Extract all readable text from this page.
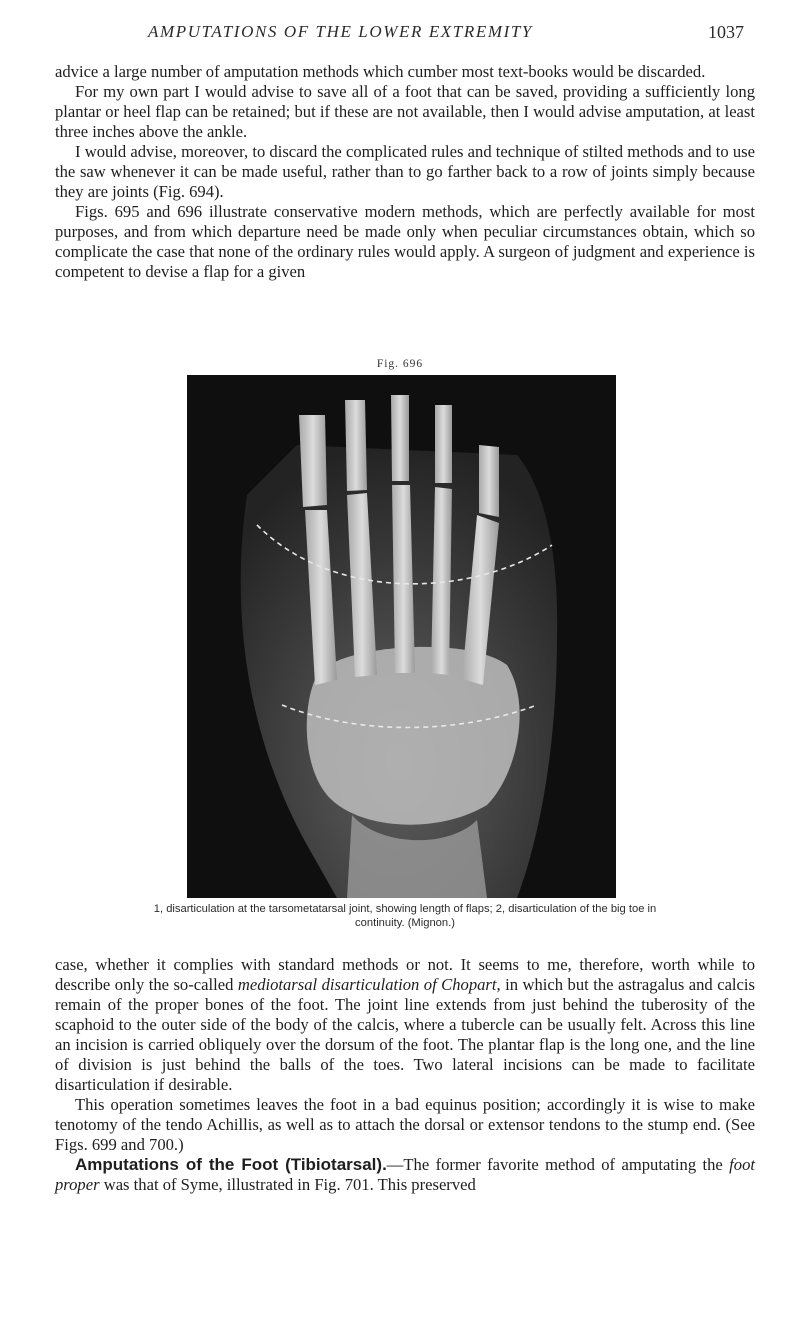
AMPUTATIONS OF THE LOWER EXTREMITY	1037

advice a large number of amputation methods which cumber most text-books would be discarded.

For my own part I would advise to save all of a foot that can be saved, providing a sufficiently long plantar or heel flap can be retained; but if these are not available, then I would advise amputation, at least three inches above the ankle.

I would advise, moreover, to discard the complicated rules and technique of stilted methods and to use the saw whenever it can be made useful, rather than to go farther back to a row of joints simply because they are joints (Fig. 694).

Figs. 695 and 696 illustrate conservative modern methods, which are perfectly available for most purposes, and from which departure need be made only when peculiar circumstances obtain, which so complicate the case that none of the ordinary rules would apply. A surgeon of judgment and experience is competent to devise a flap for a given

Fig. 696
1, disarticulation at the tarsometatarsal joint, showing length of flaps; 2, disarticulation of the big toe in
continuity. (Mignon.)

case, whether it complies with standard methods or not. It seems to me, therefore, worth while to describe only the so-called mediotarsal disarticulation of Chopart, in which but the astragalus and calcis remain of the proper bones of the foot. The joint line extends from just behind the tuberosity of the scaphoid to the outer side of the body of the calcis, where a tubercle can be usually felt. Across this line an incision is carried obliquely over the dorsum of the foot. The plantar flap is the long one, and the line of division is just behind the balls of the toes. Two lateral incisions can be made to facilitate disarticulation if desirable.

This operation sometimes leaves the foot in a bad equinus position; accordingly it is wise to make tenotomy of the tendo Achillis, as well as to attach the dorsal or extensor tendons to the stump end. (See Figs. 699 and 700.)

Amputations of the Foot (Tibiotarsal).—The former favorite method of amputating the foot proper was that of Syme, illustrated in Fig. 701. This preserved
